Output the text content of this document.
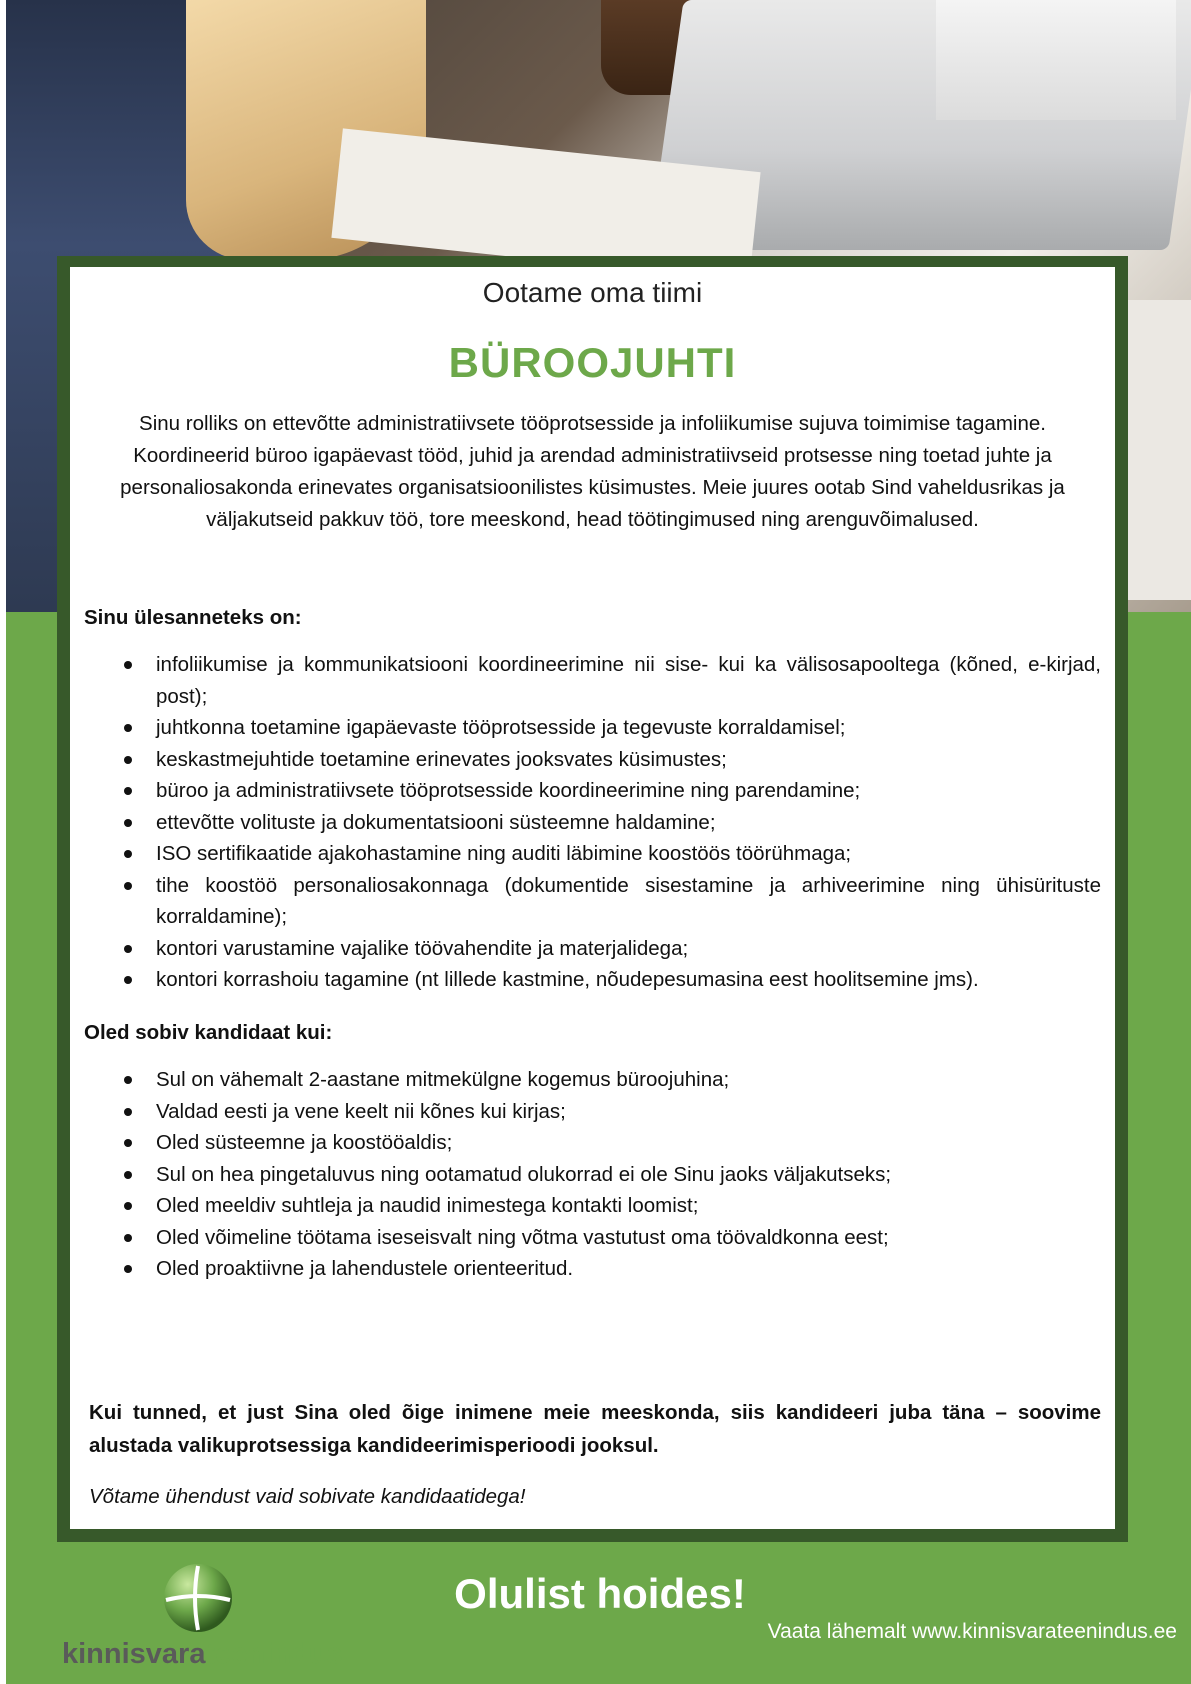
Ootame oma tiimi
BÜROOJUHTI

Sinu rolliks on ettevõtte administratiivsete tööprotsesside ja infoliikumise sujuva toimimise tagamine. Koordineerid büroo igapäevast tööd, juhid ja arendad administratiivseid protsesse ning toetad juhte ja personaliosakonda erinevates organisatsioonilistes küsimustes. Meie juures ootab Sind vaheldusrikas ja väljakutseid pakkuv töö, tore meeskond, head töötingimused ning arenguvõimalused.

Sinu ülesanneteks on:

infoliikumise ja kommunikatsiooni koordineerimine nii sise- kui ka välisosapooltega (kõned, e-kirjad, post);
juhtkonna toetamine igapäevaste tööprotsesside ja tegevuste korraldamisel;
keskastmejuhtide toetamine erinevates jooksvates küsimustes;
büroo ja administratiivsete tööprotsesside koordineerimine ning parendamine;
ettevõtte volituste ja dokumentatsiooni süsteemne haldamine;
ISO sertifikaatide ajakohastamine ning auditi läbimine koostöös töörühmaga;
tihe koostöö personaliosakonnaga (dokumentide sisestamine ja arhiveerimine ning ühisürituste korraldamine);
kontori varustamine vajalike töövahendite ja materjalidega;
kontori korrashoiu tagamine (nt lillede kastmine, nõudepesumasina eest hoolitsemine jms).

Oled sobiv kandidaat kui:

Sul on vähemalt 2-aastane mitmekülgne kogemus büroojuhina;
Valdad eesti ja vene keelt nii kõnes kui kirjas;
Oled süsteemne ja koostööaldis;
Sul on hea pingetaluvus ning ootamatud olukorrad ei ole Sinu jaoks väljakutseks;
Oled meeldiv suhtleja ja naudid inimestega kontakti loomist;
Oled võimeline töötama iseseisvalt ning võtma vastutust oma töövaldkonna eest;
Oled proaktiivne ja lahendustele orienteeritud.

Kui tunned, et just Sina oled õige inimene meie meeskonda, siis kandideeri juba täna – soovime alustada valikuprotsessiga kandideerimisperioodi jooksul.

Võtame ühendust vaid sobivate kandidaatidega!

kinnisvarateenindus

Olulist hoides!

Vaata lähemalt www.kinnisvarateenindus.ee
